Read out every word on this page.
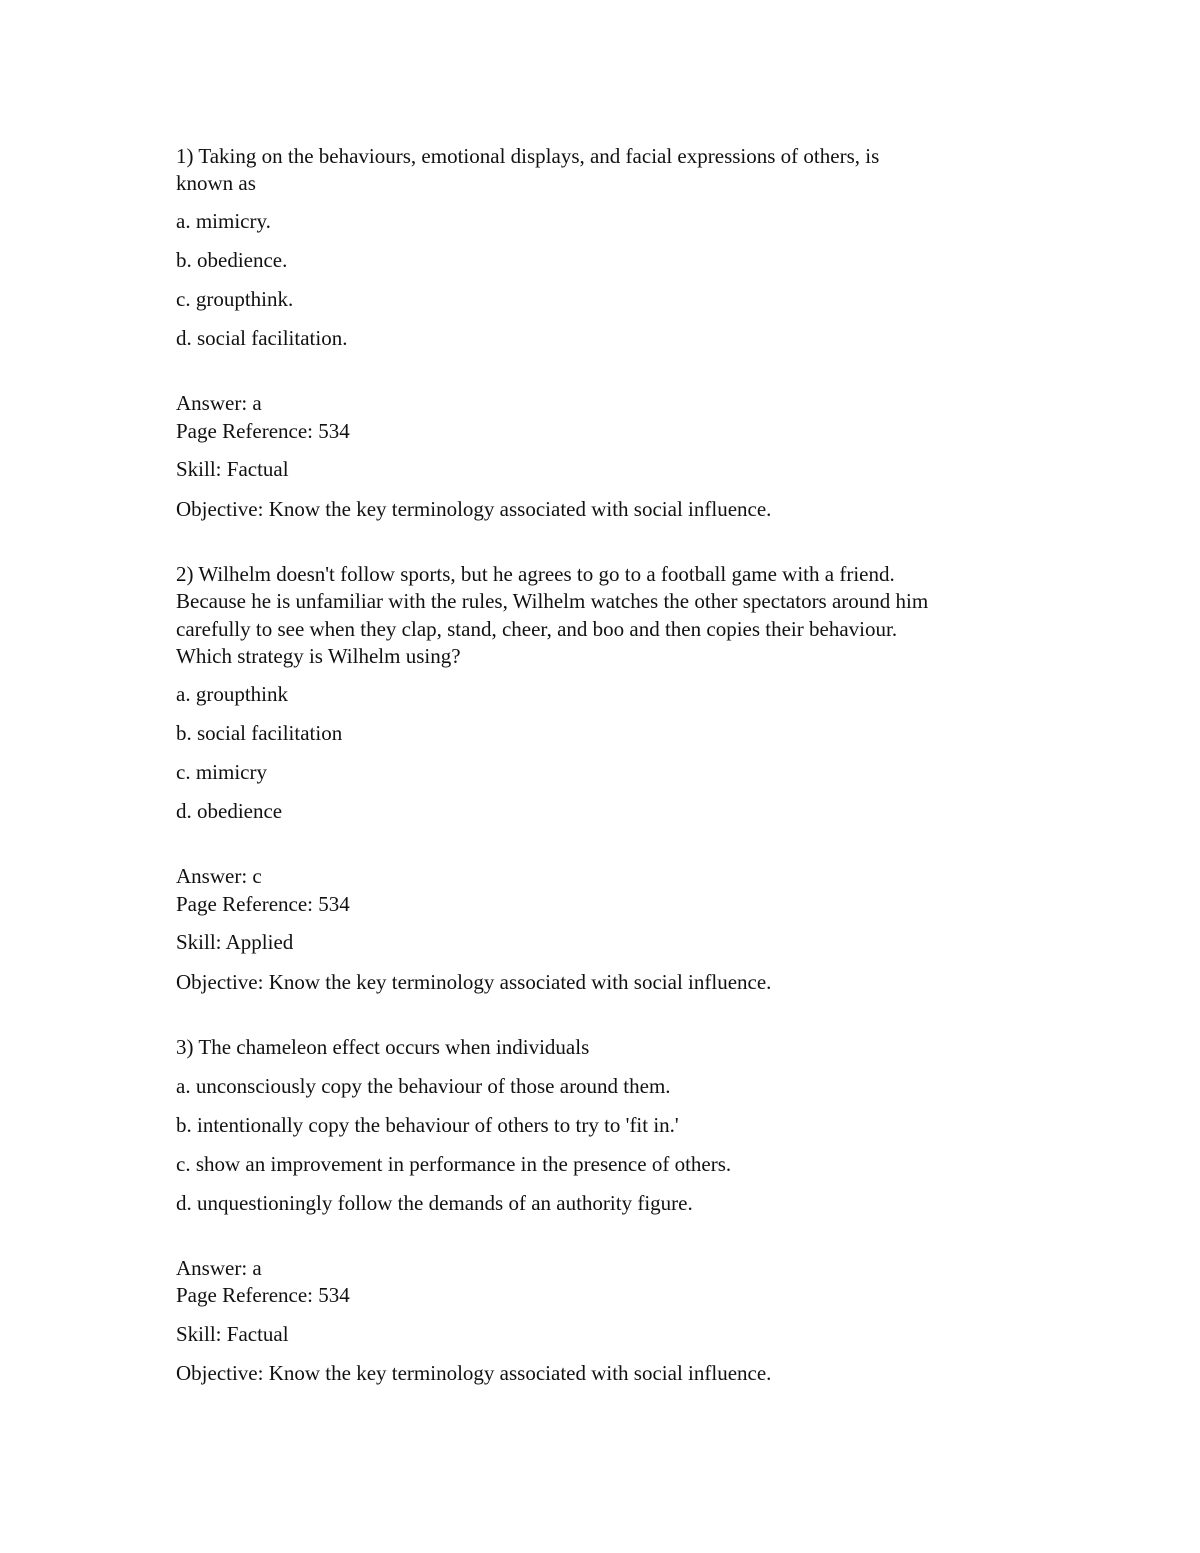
1) Taking on the behaviours, emotional displays, and facial expressions of others, is
known as
a. mimicry.
b. obedience.
c. groupthink.
d. social facilitation.
Answer: a
Page Reference: 534
Skill: Factual
Objective: Know the key terminology associated with social influence.
2) Wilhelm doesn't follow sports, but he agrees to go to a football game with a friend.
Because he is unfamiliar with the rules, Wilhelm watches the other spectators around him
carefully to see when they clap, stand, cheer, and boo and then copies their behaviour.
Which strategy is Wilhelm using?
a. groupthink
b. social facilitation
c. mimicry
d. obedience
Answer: c
Page Reference: 534
Skill: Applied
Objective: Know the key terminology associated with social influence.
3) The chameleon effect occurs when individuals
a. unconsciously copy the behaviour of those around them.
b. intentionally copy the behaviour of others to try to 'fit in.'
c. show an improvement in performance in the presence of others.
d. unquestioningly follow the demands of an authority figure.
Answer: a
Page Reference: 534
Skill: Factual
Objective: Know the key terminology associated with social influence.
